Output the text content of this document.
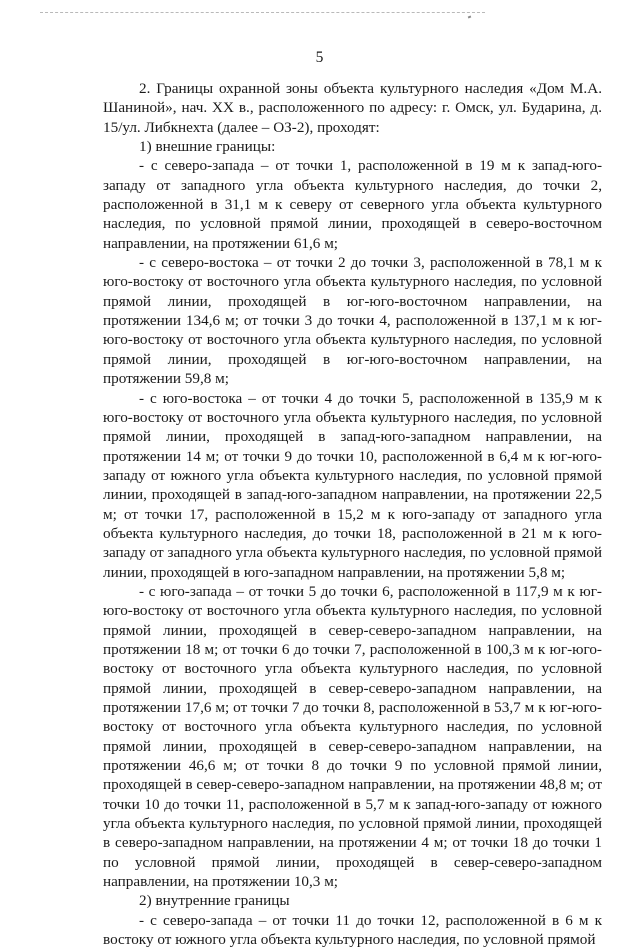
5

2. Границы охранной зоны объекта культурного наследия «Дом М.А. Шаниной», нач. XX в., расположенного по адресу: г. Омск, ул. Бударина, д. 15/ул. Либкнехта (далее – ОЗ-2), проходят:

1) внешние границы:

- с северо-запада – от точки 1, расположенной в 19 м к запад-юго-западу от западного угла объекта культурного наследия, до точки 2, расположенной в 31,1 м к северу от северного угла объекта культурного наследия, по условной прямой линии, проходящей в северо-восточном направлении, на протяжении 61,6 м;

- с северо-востока – от точки 2 до точки 3, расположенной в 78,1 м к юго-востоку от восточного угла объекта культурного наследия, по условной прямой линии, проходящей в юг-юго-восточном направлении, на протяжении 134,6 м; от точки 3 до точки 4, расположенной в 137,1 м к юг-юго-востоку от восточного угла объекта культурного наследия, по условной прямой линии, проходящей в юг-юго-восточном направлении, на протяжении 59,8 м;

- с юго-востока – от точки 4 до точки 5, расположенной в 135,9 м к юго-востоку от восточного угла объекта культурного наследия, по условной прямой линии, проходящей в запад-юго-западном направлении, на протяжении 14 м; от точки 9 до точки 10, расположенной в 6,4 м к юг-юго-западу от южного угла объекта культурного наследия, по условной прямой линии, проходящей в запад-юго-западном направлении, на протяжении 22,5 м; от точки 17, расположенной в 15,2 м к юго-западу от западного угла объекта культурного наследия, до точки 18, расположенной в 21 м к юго-западу от западного угла объекта культурного наследия, по условной прямой линии, проходящей в юго-западном направлении, на протяжении 5,8 м;

- с юго-запада – от точки 5 до точки 6, расположенной в 117,9 м к юг-юго-востоку от восточного угла объекта культурного наследия, по условной прямой линии, проходящей в север-северо-западном направлении, на протяжении 18 м; от точки 6 до точки 7, расположенной в 100,3 м к юг-юго-востоку от восточного угла объекта культурного наследия, по условной прямой линии, проходящей в север-северо-западном направлении, на протяжении 17,6 м; от точки 7 до точки 8, расположенной в 53,7 м к юг-юго-востоку от восточного угла объекта культурного наследия, по условной прямой линии, проходящей в север-северо-западном направлении, на протяжении 46,6 м; от точки 8 до точки 9 по условной прямой линии, проходящей в север-северо-западном направлении, на протяжении 48,8 м; от точки 10 до точки 11, расположенной в 5,7 м к запад-юго-западу от южного угла объекта культурного наследия, по условной прямой линии, проходящей в северо-западном направлении, на протяжении 4 м; от точки 18 до точки 1 по условной прямой линии, проходящей в север-северо-западном направлении, на протяжении 10,3 м;

2) внутренние границы

- с северо-запада – от точки 11 до точки 12, расположенной в 6 м к востоку от южного угла объекта культурного наследия, по условной прямой
